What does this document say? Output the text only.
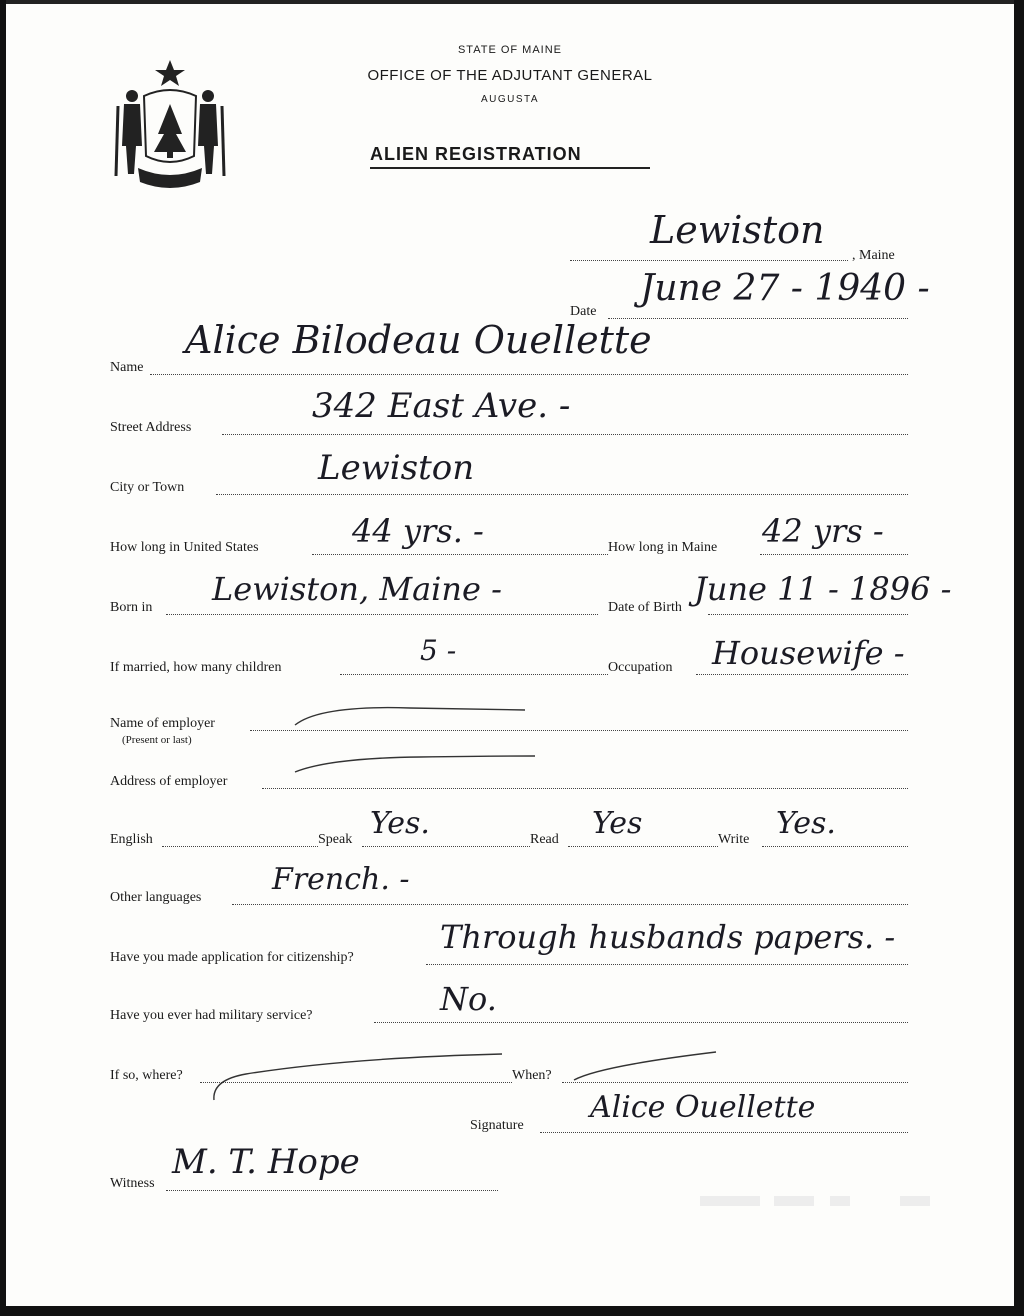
STATE OF MAINE
OFFICE OF THE ADJUTANT GENERAL
AUGUSTA
ALIEN REGISTRATION
Lewiston
, Maine
Date
June 27 - 1940 -
Name
Alice Bilodeau Ouellette
Street Address
342 East Ave. -
City or Town	Lewiston
How long in United States	44 yrs. -	How long in Maine 42 yrs -
Born in Lewiston, Maine -	Date of Birth June 11 - 1896 -
If married, how many children
5 -
Occupation Housewife -
Name of employer
(Present or last)
Address of employer
English	Speak Yes.	Read Yes	Write Yes.
Other languages
French. -
Have you made application for citizenship?
Through husbands papers. -
Have you ever had military service?	No.
If so, where?	When?
Signature
Alice Ouellette
Witness
M. T. Hope
